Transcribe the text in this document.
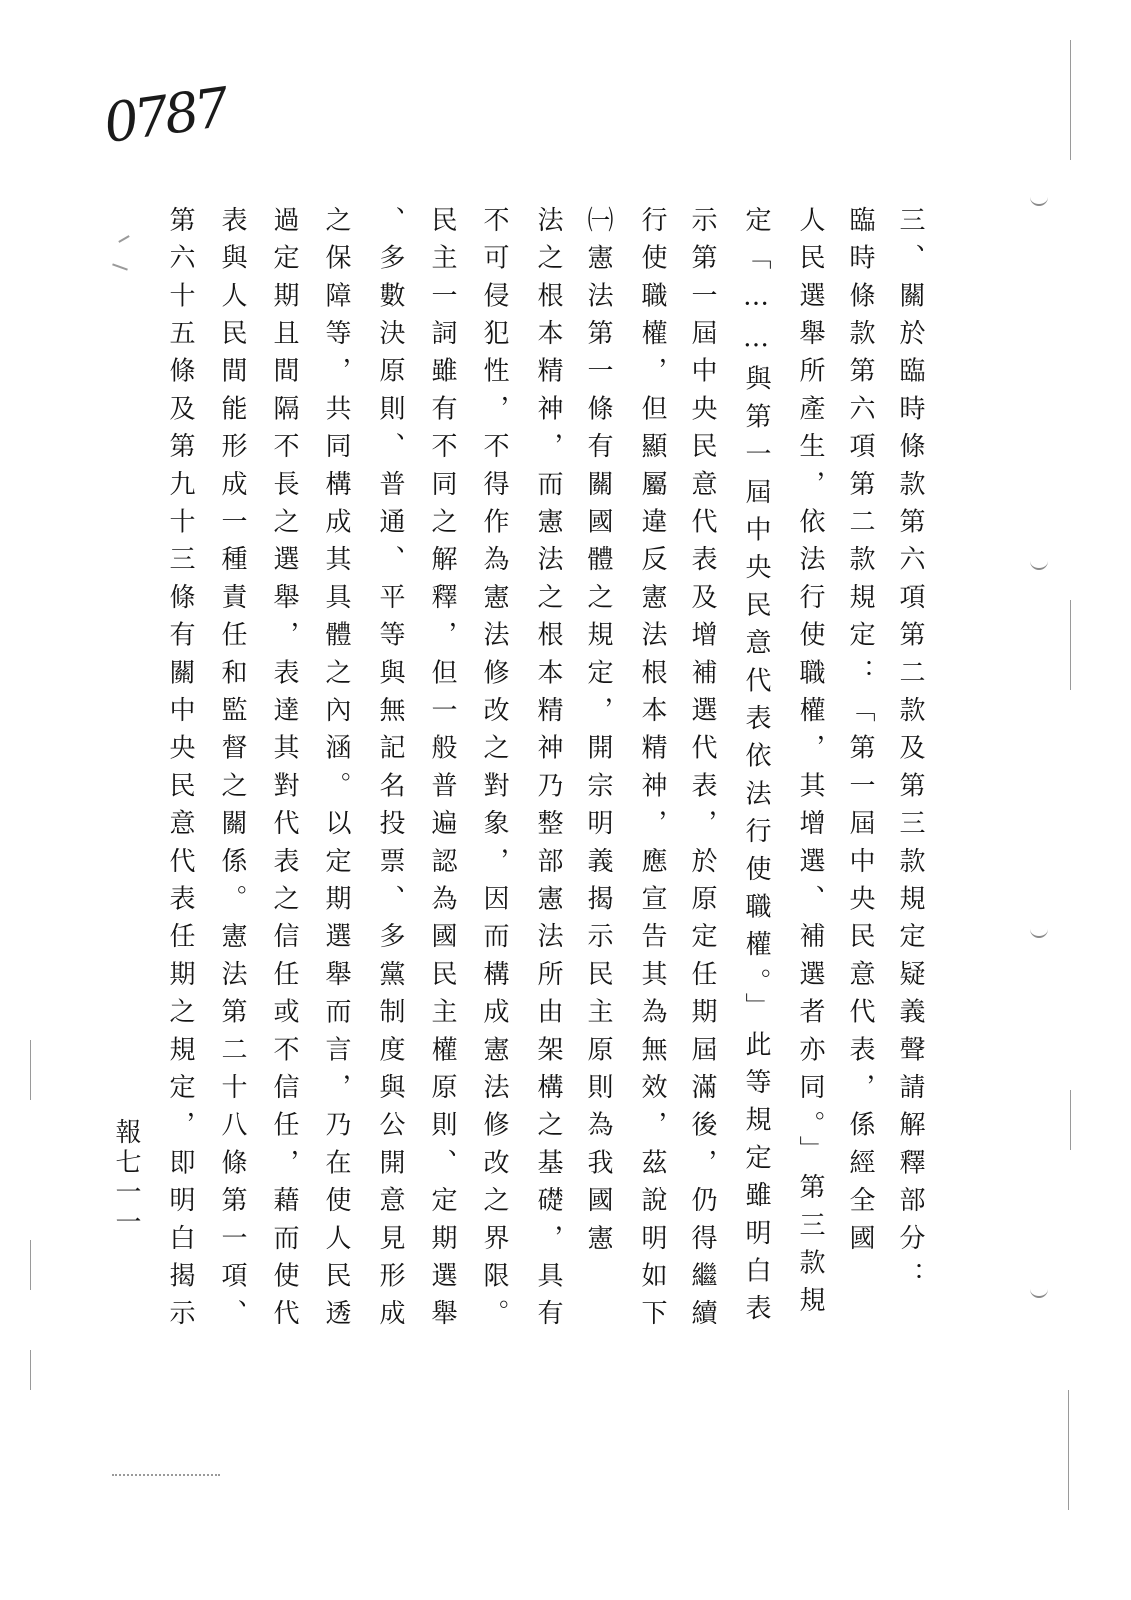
0787
三、關於臨時條款第六項第二款及第三款規定疑義聲請解釋部分：
臨時條款第六項第二款規定：「第一屆中央民意代表，係經全國
人民選舉所產生，依法行使職權，其增選、補選者亦同。」第三款規
定「……與第一屆中央民意代表依法行使職權。」此等規定雖明白表
示第一屆中央民意代表及增補選代表，於原定任期屆滿後，仍得繼續
行使職權，但顯屬違反憲法根本精神，應宣告其為無效，茲說明如下
㈠憲法第一條有關國體之規定，開宗明義揭示民主原則為我國憲
法之根本精神，而憲法之根本精神乃整部憲法所由架構之基礎，具有
不可侵犯性，不得作為憲法修改之對象，因而構成憲法修改之界限。
民主一詞雖有不同之解釋，但一般普遍認為國民主權原則、定期選舉
、多數決原則、普通、平等與無記名投票、多黨制度與公開意見形成
之保障等，共同構成其具體之內涵。以定期選舉而言，乃在使人民透
過定期且間隔不長之選舉，表達其對代表之信任或不信任，藉而使代
表與人民間能形成一種責任和監督之關係。憲法第二十八條第一項、
第六十五條及第九十三條有關中央民意代表任期之規定，即明白揭示
報七一一
